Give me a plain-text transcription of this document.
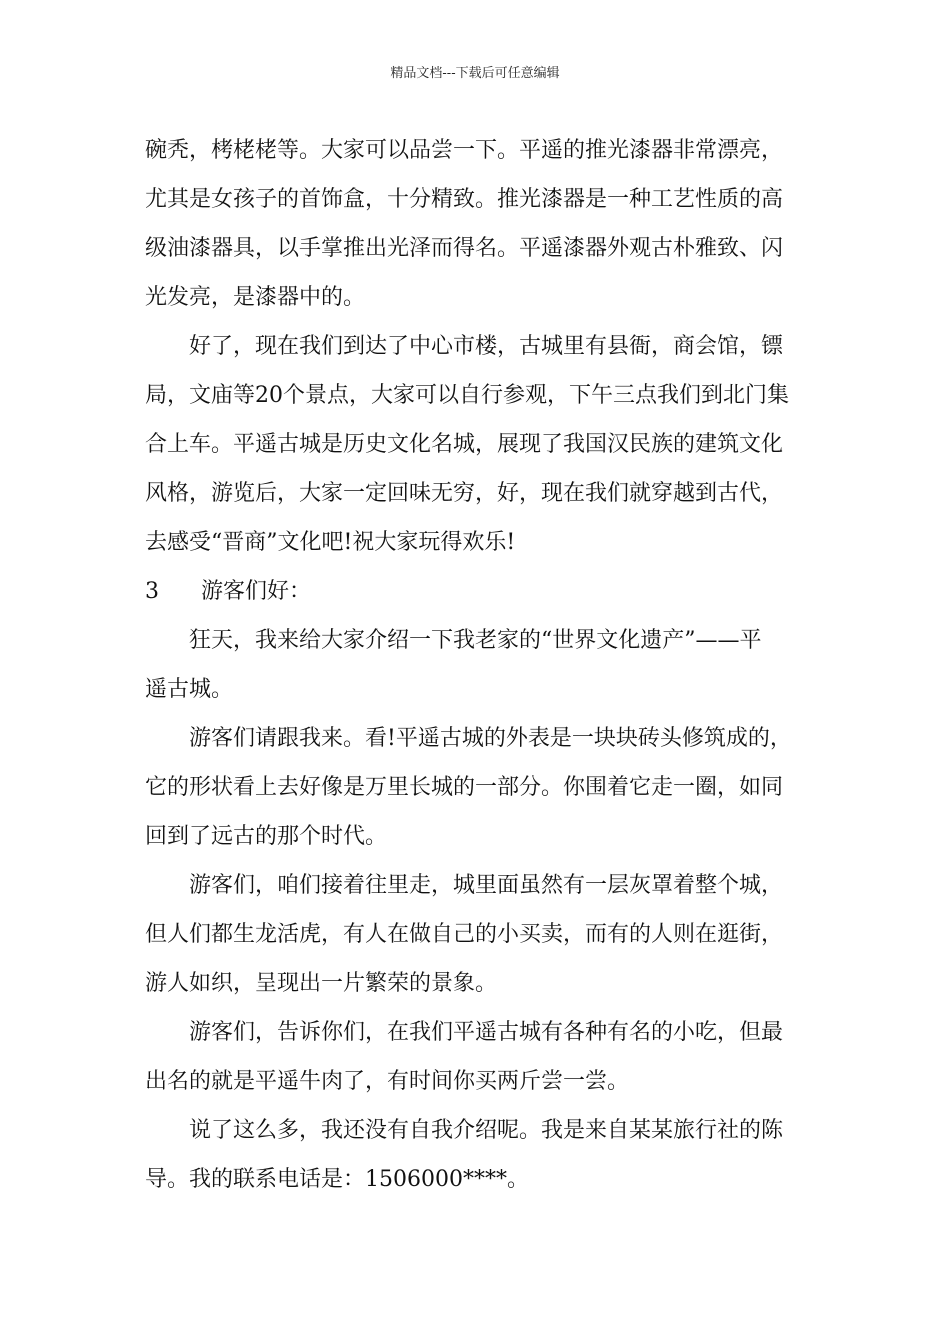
精品文档---下载后可任意编辑
碗秃，栲栳栳等。大家可以品尝一下。平遥的推光漆器非常漂亮，
尤其是女孩子的首饰盒，十分精致。推光漆器是一种工艺性质的高
级油漆器具，以手掌推出光泽而得名。平遥漆器外观古朴雅致、闪
光发亮，是漆器中的。
好了，现在我们到达了中心市楼，古城里有县衙，商会馆，镖
局，文庙等20个景点，大家可以自行参观，下午三点我们到北门集
合上车。平遥古城是历史文化名城，展现了我国汉民族的建筑文化
风格，游览后，大家一定回味无穷，好，现在我们就穿越到古代，
去感受“晋商”文化吧!祝大家玩得欢乐!
3	游客们好：
狂天，我来给大家介绍一下我老家的“世界文化遗产”——平
遥古城。
游客们请跟我来。看!平遥古城的外表是一块块砖头修筑成的，
它的形状看上去好像是万里长城的一部分。你围着它走一圈，如同
回到了远古的那个时代。
游客们，咱们接着往里走，城里面虽然有一层灰罩着整个城，
但人们都生龙活虎，有人在做自己的小买卖，而有的人则在逛街，
游人如织，呈现出一片繁荣的景象。
游客们，告诉你们，在我们平遥古城有各种有名的小吃，但最
出名的就是平遥牛肉了，有时间你买两斤尝一尝。
说了这么多，我还没有自我介绍呢。我是来自某某旅行社的陈
导。我的联系电话是：1506000****。
